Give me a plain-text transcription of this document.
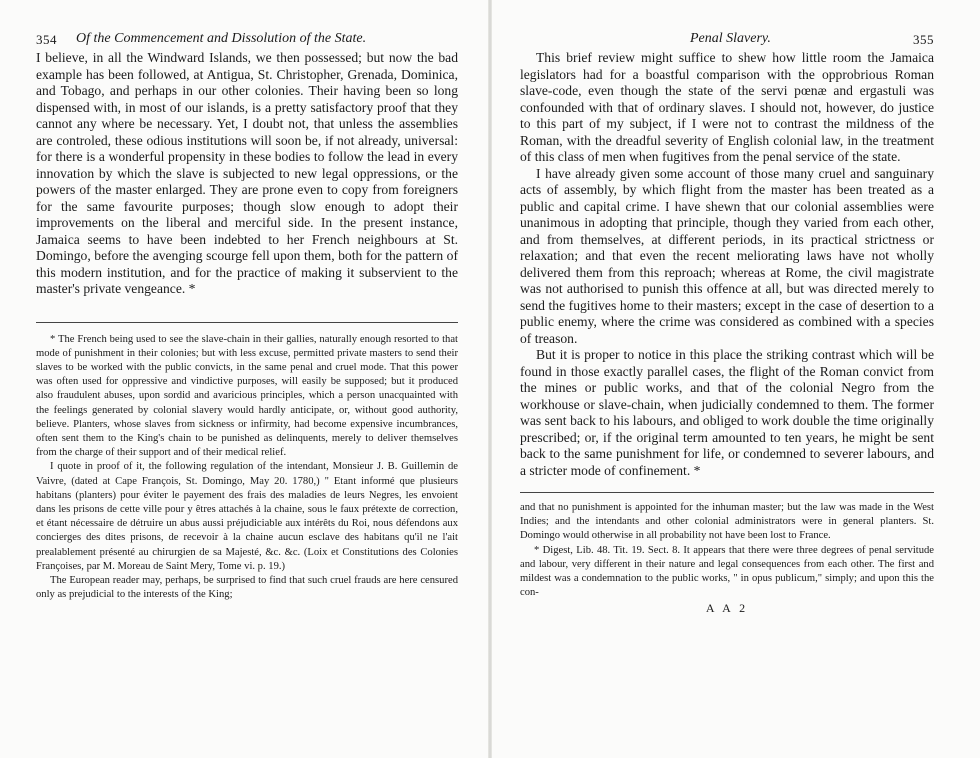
354 Of the Commencement and Dissolution of the State.

I believe, in all the Windward Islands, we then possessed; but now the bad example has been followed, at Antigua, St. Christopher, Grenada, Dominica, and Tobago, and perhaps in our other colonies. Their having been so long dispensed with, in most of our islands, is a pretty satisfactory proof that they cannot any where be necessary. Yet, I doubt not, that unless the assemblies are controled, these odious institutions will soon be, if not already, universal: for there is a wonderful propensity in these bodies to follow the lead in every innovation by which the slave is subjected to new legal oppressions, or the powers of the master enlarged. They are prone even to copy from foreigners for the same favourite purposes; though slow enough to adopt their improvements on the liberal and merciful side. In the present instance, Jamaica seems to have been indebted to her French neighbours at St. Domingo, before the avenging scourge fell upon them, both for the pattern of this modern institution, and for the practice of making it subservient to the master's private vengeance. *

* The French being used to see the slave-chain in their gallies, naturally enough resorted to that mode of punishment in their colonies; but with less excuse, permitted private masters to send their slaves to be worked with the public convicts, in the same penal and cruel mode. That this power was often used for oppressive and vindictive purposes, will easily be supposed; but it produced also fraudulent abuses, upon sordid and avaricious principles, which a person unacquainted with the feelings generated by colonial slavery would hardly anticipate, or, without good authority, believe. Planters, whose slaves from sickness or infirmity, had become expensive incumbrances, often sent them to the King's chain to be punished as delinquents, merely to deliver themselves from the charge of their support and of their medical relief.

I quote in proof of it, the following regulation of the intendant, Monsieur J. B. Guillemin de Vaivre, (dated at Cape François, St. Domingo, May 20. 1780,) " Etant informé que plusieurs habitans (planters) pour éviter le payement des frais des maladies de leurs Negres, les envoient dans les prisons de cette ville pour y êtres attachés à la chaine, sous le faux prétexte de correction, et étant nécessaire de détruire un abus aussi préjudiciable aux intérêts du Roi, nous défendons aux concierges des dites prisons, de recevoir à la chaine aucun esclave des habitans qu'il ne l'ait prealablement présenté au chirurgien de sa Majesté, &c. &c. (Loix et Constitutions des Colonies Françoises, par M. Moreau de Saint Mery, Tome vi. p. 19.)

The European reader may, perhaps, be surprised to find that such cruel frauds are here censured only as prejudicial to the interests of the King;

Penal Slavery.	355

This brief review might suffice to shew how little room the Jamaica legislators had for a boastful comparison with the opprobrious Roman slave-code, even though the state of the servi pœnæ and ergastuli was confounded with that of ordinary slaves. I should not, however, do justice to this part of my subject, if I were not to contrast the mildness of the Roman, with the dreadful severity of English colonial law, in the treatment of this class of men when fugitives from the penal service of the state.

I have already given some account of those many cruel and sanguinary acts of assembly, by which flight from the master has been treated as a public and capital crime. I have shewn that our colonial assemblies were unanimous in adopting that principle, though they varied from each other, and from themselves, at different periods, in its practical strictness or relaxation; and that even the recent meliorating laws have not wholly delivered them from this reproach; whereas at Rome, the civil magistrate was not authorised to punish this offence at all, but was directed merely to send the fugitives home to their masters; except in the case of desertion to a public enemy, where the crime was considered as combined with a species of treason.

But it is proper to notice in this place the striking contrast which will be found in those exactly parallel cases, the flight of the Roman convict from the mines or public works, and that of the colonial Negro from the workhouse or slave-chain, when judicially condemned to them. The former was sent back to his labours, and obliged to work double the time originally prescribed; or, if the original term amounted to ten years, he might be sent back to the same punishment for life, or condemned to severer labours, and a stricter mode of confinement. *

and that no punishment is appointed for the inhuman master; but the law was made in the West Indies; and the intendants and other colonial administrators were in general planters. St. Domingo would otherwise in all probability not have been lost to France.

* Digest, Lib. 48. Tit. 19. Sect. 8. It appears that there were three degrees of penal servitude and labour, very different in their nature and legal consequences from each other. The first and mildest was a condemnation to the public works, " in opus publicum," simply; and upon this the con-

A A 2
